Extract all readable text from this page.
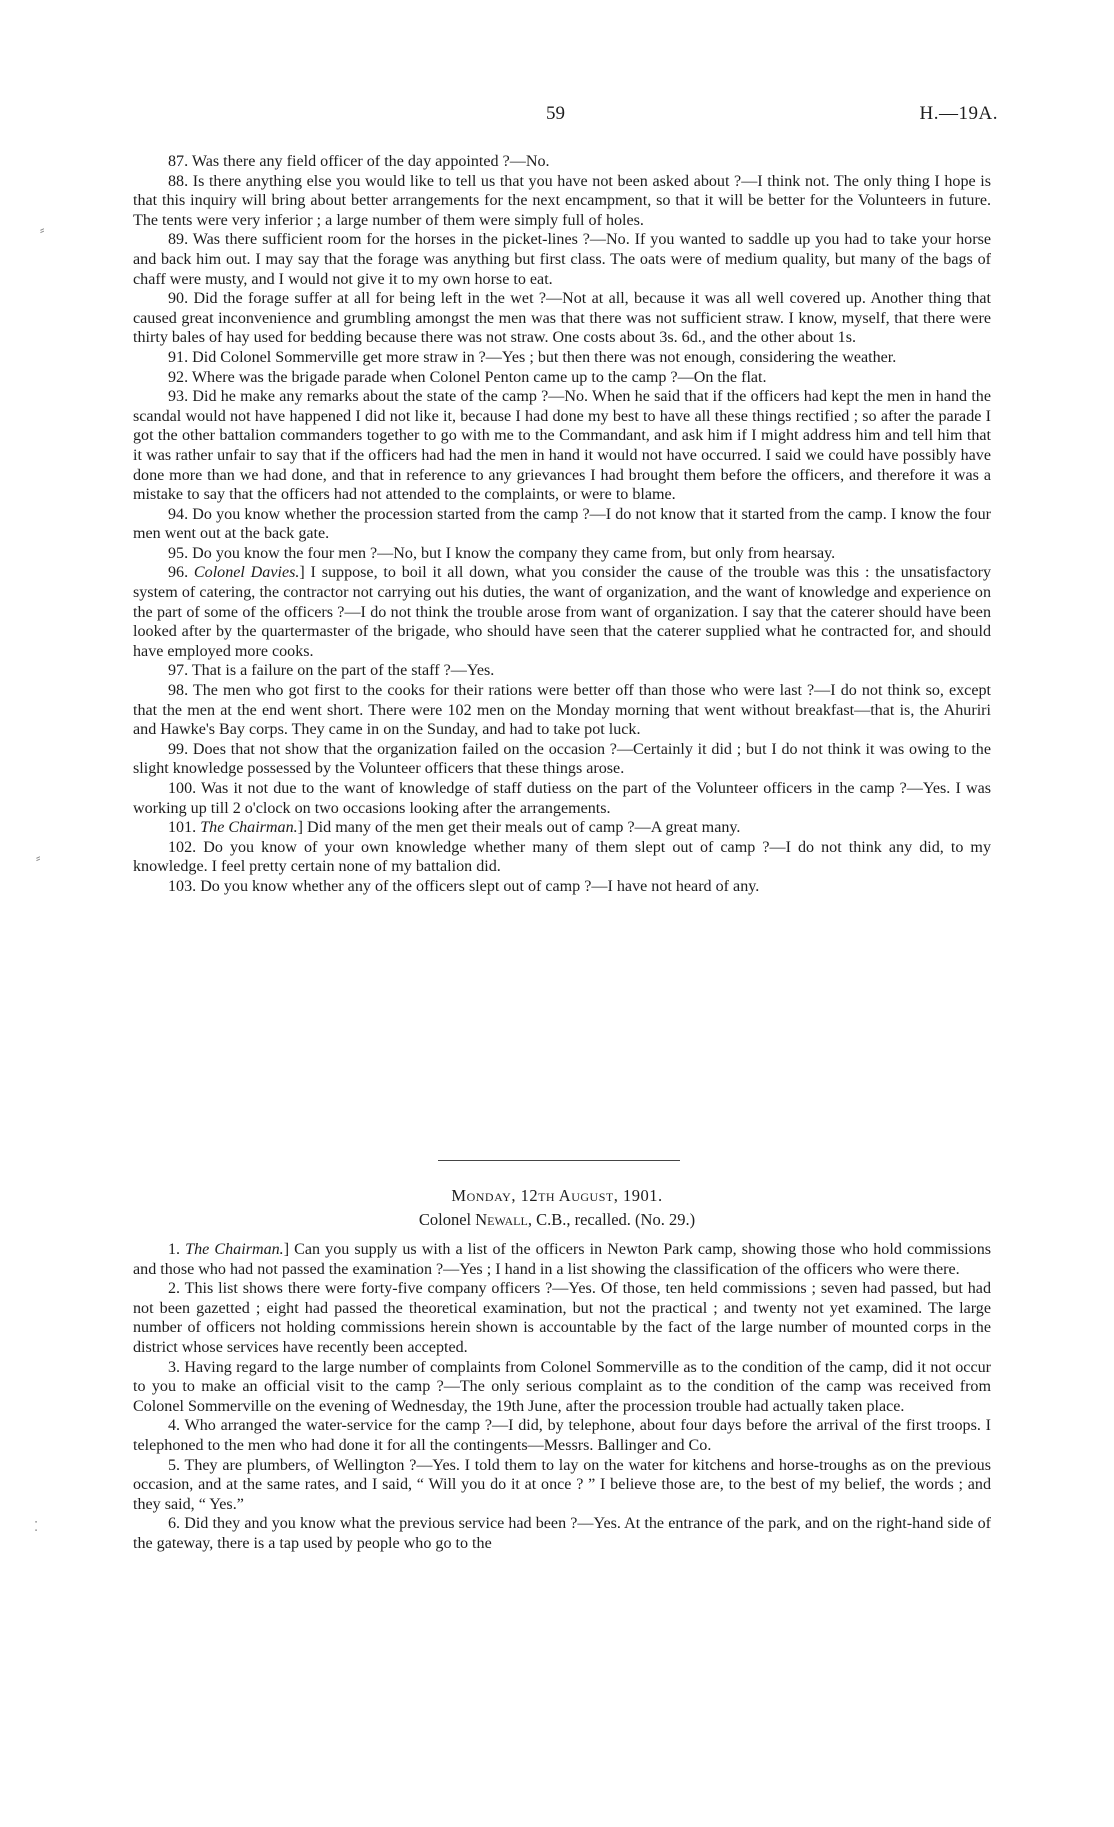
59	H.—19A.
⸗
⸗
⁚

87. Was there any field officer of the day appointed ?—No.

88. Is there anything else you would like to tell us that you have not been asked about ?—I think not. The only thing I hope is that this inquiry will bring about better arrangements for the next encampment, so that it will be better for the Volunteers in future. The tents were very inferior ; a large number of them were simply full of holes.

89. Was there sufficient room for the horses in the picket-lines ?—No. If you wanted to saddle up you had to take your horse and back him out. I may say that the forage was anything but first class. The oats were of medium quality, but many of the bags of chaff were musty, and I would not give it to my own horse to eat.

90. Did the forage suffer at all for being left in the wet ?—Not at all, because it was all well covered up. Another thing that caused great inconvenience and grumbling amongst the men was that there was not sufficient straw. I know, myself, that there were thirty bales of hay used for bedding because there was not straw. One costs about 3s. 6d., and the other about 1s.

91. Did Colonel Sommerville get more straw in ?—Yes ; but then there was not enough, considering the weather.

92. Where was the brigade parade when Colonel Penton came up to the camp ?—On the flat.

93. Did he make any remarks about the state of the camp ?—No. When he said that if the officers had kept the men in hand the scandal would not have happened I did not like it, because I had done my best to have all these things rectified ; so after the parade I got the other battalion commanders together to go with me to the Commandant, and ask him if I might address him and tell him that it was rather unfair to say that if the officers had had the men in hand it would not have occurred. I said we could have possibly have done more than we had done, and that in reference to any grievances I had brought them before the officers, and therefore it was a mistake to say that the officers had not attended to the complaints, or were to blame.

94. Do you know whether the procession started from the camp ?—I do not know that it started from the camp. I know the four men went out at the back gate.

95. Do you know the four men ?—No, but I know the company they came from, but only from hearsay.

96. Colonel Davies.] I suppose, to boil it all down, what you consider the cause of the trouble was this : the unsatisfactory system of catering, the contractor not carrying out his duties, the want of organization, and the want of knowledge and experience on the part of some of the officers ?—I do not think the trouble arose from want of organization. I say that the caterer should have been looked after by the quartermaster of the brigade, who should have seen that the caterer supplied what he contracted for, and should have employed more cooks.

97. That is a failure on the part of the staff ?—Yes.

98. The men who got first to the cooks for their rations were better off than those who were last ?—I do not think so, except that the men at the end went short. There were 102 men on the Monday morning that went without breakfast—that is, the Ahuriri and Hawke's Bay corps. They came in on the Sunday, and had to take pot luck.

99. Does that not show that the organization failed on the occasion ?—Certainly it did ; but I do not think it was owing to the slight knowledge possessed by the Volunteer officers that these things arose.

100. Was it not due to the want of knowledge of staff dutiess on the part of the Volunteer officers in the camp ?—Yes. I was working up till 2 o'clock on two occasions looking after the arrangements.

101. The Chairman.] Did many of the men get their meals out of camp ?—A great many.

102. Do you know of your own knowledge whether many of them slept out of camp ?—I do not think any did, to my knowledge. I feel pretty certain none of my battalion did.

103. Do you know whether any of the officers slept out of camp ?—I have not heard of any.

Monday, 12th August, 1901.
Colonel Newall, C.B., recalled. (No. 29.)

1. The Chairman.] Can you supply us with a list of the officers in Newton Park camp, showing those who hold commissions and those who had not passed the examination ?—Yes ; I hand in a list showing the classification of the officers who were there.

2. This list shows there were forty-five company officers ?—Yes. Of those, ten held commissions ; seven had passed, but had not been gazetted ; eight had passed the theoretical examination, but not the practical ; and twenty not yet examined. The large number of officers not holding commissions herein shown is accountable by the fact of the large number of mounted corps in the district whose services have recently been accepted.

3. Having regard to the large number of complaints from Colonel Sommerville as to the condition of the camp, did it not occur to you to make an official visit to the camp ?—The only serious complaint as to the condition of the camp was received from Colonel Sommerville on the evening of Wednesday, the 19th June, after the procession trouble had actually taken place.

4. Who arranged the water-service for the camp ?—I did, by telephone, about four days before the arrival of the first troops. I telephoned to the men who had done it for all the contingents—Messrs. Ballinger and Co.

5. They are plumbers, of Wellington ?—Yes. I told them to lay on the water for kitchens and horse-troughs as on the previous occasion, and at the same rates, and I said, “ Will you do it at once ? ” I believe those are, to the best of my belief, the words ; and they said, “ Yes.”

6. Did they and you know what the previous service had been ?—Yes. At the entrance of the park, and on the right-hand side of the gateway, there is a tap used by people who go to the
